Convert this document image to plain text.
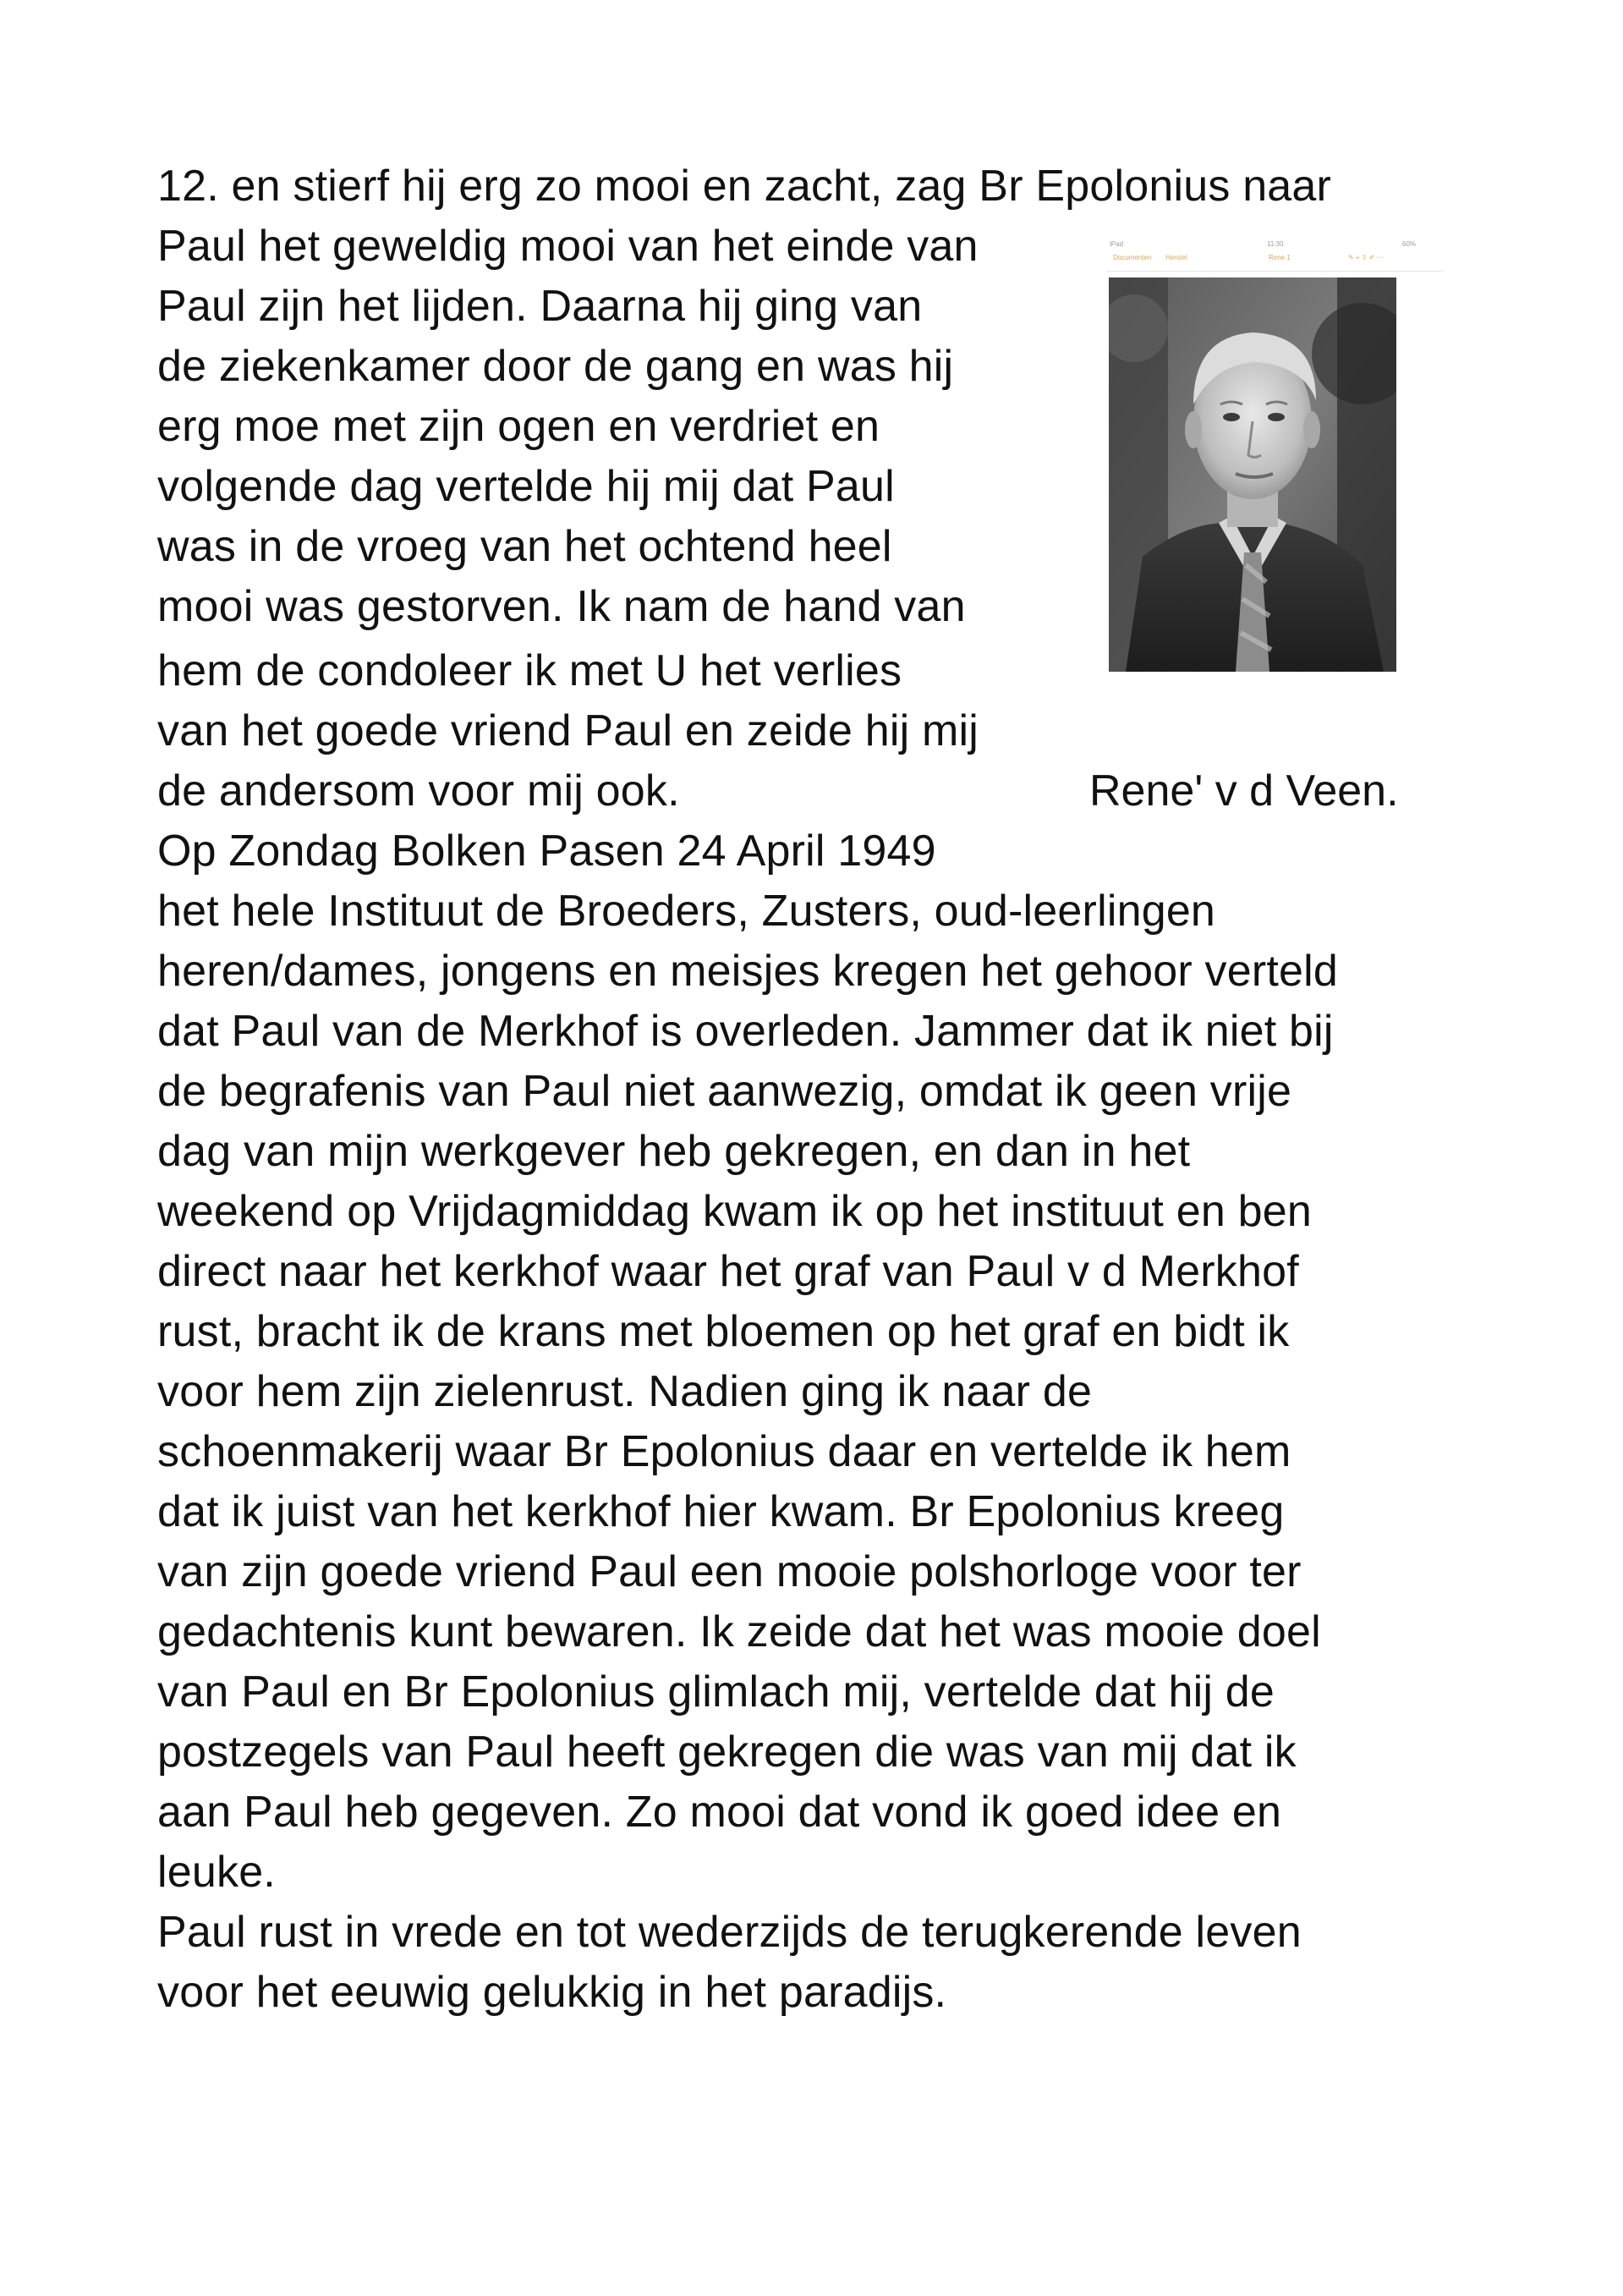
12. en stierf hij erg zo mooi en zacht, zag Br Epolonius naar
Paul het geweldig mooi van het einde van
Paul zijn het lijden. Daarna hij ging van
de ziekenkamer door de gang en was hij
erg moe met zijn ogen en verdriet en
volgende dag vertelde hij mij dat Paul
was in de vroeg van het ochtend heel
mooi was gestorven. Ik nam de hand van
hem de condoleer ik met U het verlies
van het goede vriend Paul en zeide hij mij
de andersom voor mij ook.	Rene' v d Veen.
Op Zondag Bolken Pasen 24 April 1949
het hele Instituut de Broeders, Zusters, oud-leerlingen
heren/dames, jongens en meisjes kregen het gehoor verteld
dat Paul van de Merkhof is overleden. Jammer dat ik niet bij
de begrafenis van Paul niet aanwezig, omdat ik geen vrije
dag van mijn werkgever heb gekregen, en dan in het
weekend op Vrijdagmiddag kwam ik op het instituut en ben
direct naar het kerkhof waar het graf van Paul v d Merkhof
rust, bracht ik de krans met bloemen op het graf en bidt ik
voor hem zijn zielenrust. Nadien ging ik naar de
schoenmakerij waar Br Epolonius daar en vertelde ik hem
dat ik juist van het kerkhof hier kwam. Br Epolonius kreeg
van zijn goede vriend Paul een mooie polshorloge voor ter
gedachtenis kunt bewaren. Ik zeide dat het was mooie doel
van Paul en Br Epolonius glimlach mij, vertelde dat hij de
postzegels van Paul heeft gekregen die was van mij dat ik
aan Paul heb gegeven. Zo mooi dat vond ik goed idee en
leuke.
Paul rust in vrede en tot wederzijds de terugkerende leven
voor het eeuwig gelukkig in het paradijs.
iPad	11:30	60%
Documenten Herstel	Rene 1	✎ + ⇪ ✐ ⋯
